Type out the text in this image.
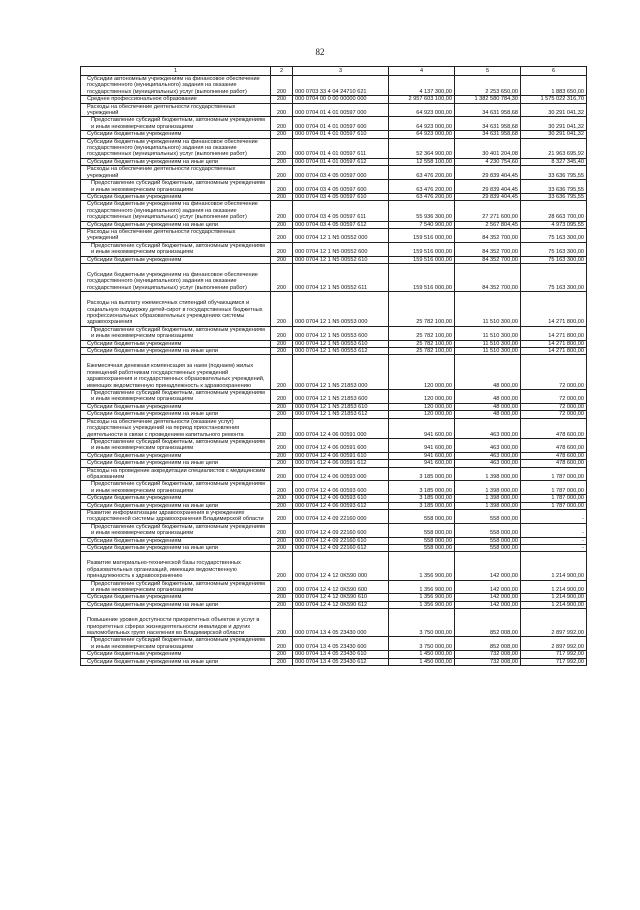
82
1	2	3	4	5	6
Субсидии автономным учреждениям на финансовое обеспечение государственного (муниципального) задания на оказание государственных (муниципальных) услуг (выполнение работ)	200	000 0703 33 4 04 24710 621	4 137 300,00	2 253 650,00	1 883 650,00
Среднее профессиональное образование	200	000 0704 00 0 00 00000 000	2 957 603 100,00	1 382 580 784,30	1 575 022 316,70
Расходы на обеспечение деятельности государственных учреждений	200	000 0704 01 4 01 00597 000	64 923 000,00	34 631 958,68	30 291 041,32
Предоставление субсидий бюджетным, автономным учреждениям и иным некоммерческим организациям	200	000 0704 01 4 01 00597 600	64 923 000,00	34 631 958,68	30 291 041,32
Субсидии бюджетным учреждениям	200	000 0704 01 4 01 00597 610	64 923 000,00	34 631 958,68	30 291 041,32
Субсидии бюджетным учреждениям на финансовое обеспечение государственного (муниципального) задания на оказание государственных (муниципальных) услуг (выполнение работ)	200	000 0704 01 4 01 00597 611	52 364 900,00	30 401 204,08	21 963 695,92
Субсидии бюджетным учреждениям на иные цели	200	000 0704 01 4 01 00597 612	12 558 100,00	4 230 754,60	8 327 345,40
Расходы на обеспечение деятельности государственных учреждений	200	000 0704 03 4 05 00597 000	63 476 200,00	29 839 404,45	33 636 795,55
Предоставление субсидий бюджетным, автономным учреждениям и иным некоммерческим организациям	200	000 0704 03 4 05 00597 600	63 476 200,00	29 839 404,45	33 636 795,55
Субсидии бюджетным учреждениям	200	000 0704 03 4 05 00597 610	63 476 200,00	29 839 404,45	33 636 795,55
Субсидии бюджетным учреждениям на финансовое обеспечение государственного (муниципального) задания на оказание государственных (муниципальных) услуг (выполнение работ)	200	000 0704 03 4 05 00597 611	55 936 300,00	27 271 600,00	28 663 700,00
Субсидии бюджетным учреждениям на иные цели	200	000 0704 03 4 05 00597 612	7 540 900,00	2 567 804,45	4 973 095,55
Расходы на обеспечение деятельности государственных учреждений	200	000 0704 12 1 N5 00552 000	159 516 000,00	84 352 700,00	75 163 300,00
Предоставление субсидий бюджетным, автономным учреждениям и иным некоммерческим организациям	200	000 0704 12 1 N5 00552 600	159 516 000,00	84 352 700,00	75 163 300,00
Субсидии бюджетным учреждениям	200	000 0704 12 1 N5 00552 610	159 516 000,00	84 352 700,00	75 163 300,00
Субсидии бюджетным учреждениям на финансовое обеспечение государственного (муниципального) задания на оказание государственных (муниципальных) услуг (выполнение работ)	200	000 0704 12 1 N5 00552 611	159 516 000,00	84 352 700,00	75 163 300,00
Расходы на выплату ежемесячных стипендий обучающимся и социальную поддержку детей-сирот в государственных бюджетных профессиональных образовательных учреждениях системы здравоохранения	200	000 0704 12 1 N5 00553 000	25 782 100,00	11 510 300,00	14 271 800,00
Предоставление субсидий бюджетным, автономным учреждениям и иным некоммерческим организациям	200	000 0704 12 1 N5 00553 600	25 782 100,00	11 510 300,00	14 271 800,00
Субсидии бюджетным учреждениям	200	000 0704 12 1 N5 00553 610	25 782 100,00	11 510 300,00	14 271 800,00
Субсидии бюджетным учреждениям на иные цели	200	000 0704 12 1 N5 00553 612	25 782 100,00	11 510 300,00	14 271 800,00
Ежемесячная денежная компенсация за наем (поднаем) жилых помещений работникам государственных учреждений здравоохранения и государственных образовательных учреждений, имеющих ведомственную принадлежность к здравоохранению	200	000 0704 12 1 N5 21853 000	120 000,00	48 000,00	72 000,00
Предоставление субсидий бюджетным, автономным учреждениям и иным некоммерческим организациям	200	000 0704 12 1 N5 21853 600	120 000,00	48 000,00	72 000,00
Субсидии бюджетным учреждениям	200	000 0704 12 1 N5 21853 610	120 000,00	48 000,00	72 000,00
Субсидии бюджетным учреждениям на иные цели	200	000 0704 12 1 N5 21853 612	120 000,00	48 000,00	72 000,00
Расходы на обеспечение деятельности (оказание услуг) государственных учреждений на период приостановления деятельности в связи с проведением капитального ремонта	200	000 0704 12 4 06 00591 000	941 600,00	463 000,00	478 600,00
Предоставление субсидий бюджетным, автономным учреждениям и иным некоммерческим организациям	200	000 0704 12 4 06 00591 600	941 600,00	463 000,00	478 600,00
Субсидии бюджетным учреждениям	200	000 0704 12 4 06 00591 610	941 600,00	463 000,00	478 600,00
Субсидии бюджетным учреждениям на иные цели	200	000 0704 12 4 06 00591 612	941 600,00	463 000,00	478 600,00
Расходы на проведение аккредитации специалистов с медицинским образованием	200	000 0704 12 4 06 00593 000	3 185 000,00	1 398 000,00	1 787 000,00
Предоставление субсидий бюджетным, автономным учреждениям и иным некоммерческим организациям	200	000 0704 12 4 06 00593 600	3 185 000,00	1 398 000,00	1 787 000,00
Субсидии бюджетным учреждениям	200	000 0704 12 4 06 00593 610	3 185 000,00	1 398 000,00	1 787 000,00
Субсидии бюджетным учреждениям на иные цели	200	000 0704 12 4 06 00593 612	3 185 000,00	1 398 000,00	1 787 000,00
Развитие информатизации здравоохранения в учреждениях государственной системы здравоохранения Владимирской области	200	000 0704 12 4 09 22160 000	558 000,00	558 000,00	-
Предоставление субсидий бюджетным, автономным учреждениям и иным некоммерческим организациям	200	000 0704 12 4 09 22160 600	558 000,00	558 000,00	-
Субсидии бюджетным учреждениям	200	000 0704 12 4 09 22160 610	558 000,00	558 000,00	-
Субсидии бюджетным учреждениям на иные цели	200	000 0704 12 4 09 22160 612	558 000,00	558 000,00	-
Развитие материально-технической базы государственных образовательных организаций, имеющих ведомственную принадлежность к здравоохранению	200	000 0704 12 4 12 0K590 000	1 356 900,00	142 000,00	1 214 900,00
Предоставление субсидий бюджетным, автономным учреждениям и иным некоммерческим организациям	200	000 0704 12 4 12 0K590 600	1 356 900,00	142 000,00	1 214 900,00
Субсидии бюджетным учреждениям	200	000 0704 12 4 12 0K590 610	1 356 900,00	142 000,00	1 214 900,00
Субсидии бюджетным учреждениям на иные цели	200	000 0704 12 4 12 0K590 612	1 356 900,00	142 000,00	1 214 900,00
Повышение уровня доступности приоритетных объектов и услуг в приоритетных сферах жизнедеятельности инвалидов и других маломобильных групп населения во Владимирской области	200	000 0704 13 4 05 23430 000	3 750 000,00	852 008,00	2 897 992,00
Предоставление субсидий бюджетным, автономным учреждениям и иным некоммерческим организациям	200	000 0704 13 4 05 23430 600	3 750 000,00	852 008,00	2 897 992,00
Субсидии бюджетным учреждениям	200	000 0704 13 4 05 23430 610	1 450 000,00	732 008,00	717 992,00
Субсидии бюджетным учреждениям на иные цели	200	000 0704 13 4 05 23430 612	1 450 000,00	732 008,00	717 992,00
